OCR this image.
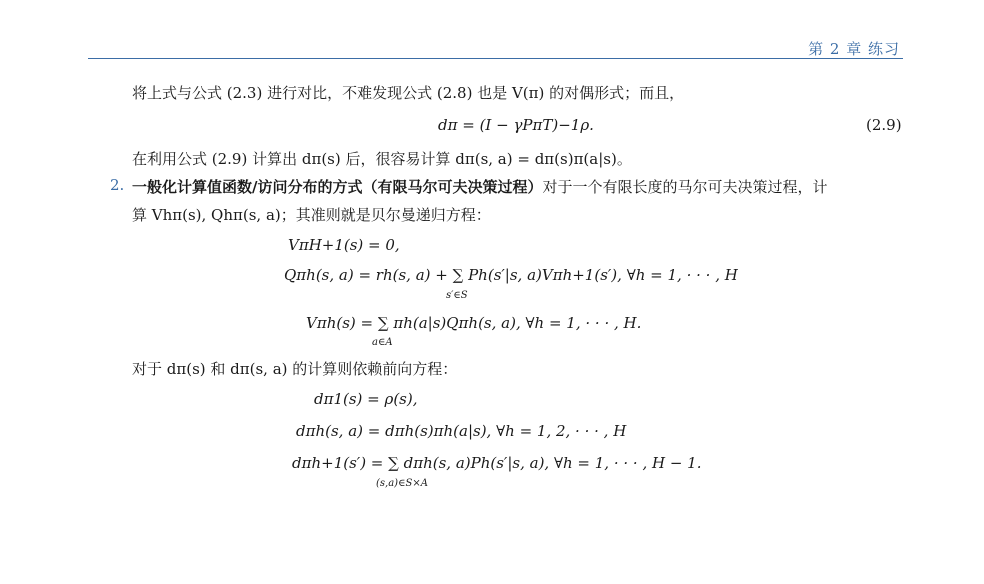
第 2 章 练习
将上式与公式 (2.3) 进行对比，不难发现公式 (2.8) 也是 V(π) 的对偶形式；而且，
dπ = (I − γPπT)−1ρ.	(2.9)
在利用公式 (2.9) 计算出 dπ(s) 后，很容易计算 dπ(s, a) = dπ(s)π(a|s)。
2. 一般化计算值函数/访问分布的方式（有限马尔可夫决策过程）对于一个有限长度的马尔可夫决策过程，计
算 Vhπ(s), Qhπ(s, a)；其准则就是贝尔曼递归方程：
VπH+1(s) = 0,
Qπh(s, a) = rh(s, a) + ∑ Ph(s′|s, a)Vπh+1(s′), ∀h = 1, · · · , H
s′∈S
Vπh(s) = ∑ πh(a|s)Qπh(s, a), ∀h = 1, · · · , H.
a∈A
对于 dπ(s) 和 dπ(s, a) 的计算则依赖前向方程：
dπ1(s) = ρ(s),
dπh(s, a) = dπh(s)πh(a|s), ∀h = 1, 2, · · · , H
dπh+1(s′) = ∑ dπh(s, a)Ph(s′|s, a), ∀h = 1, · · · , H − 1.
(s,a)∈S×A
